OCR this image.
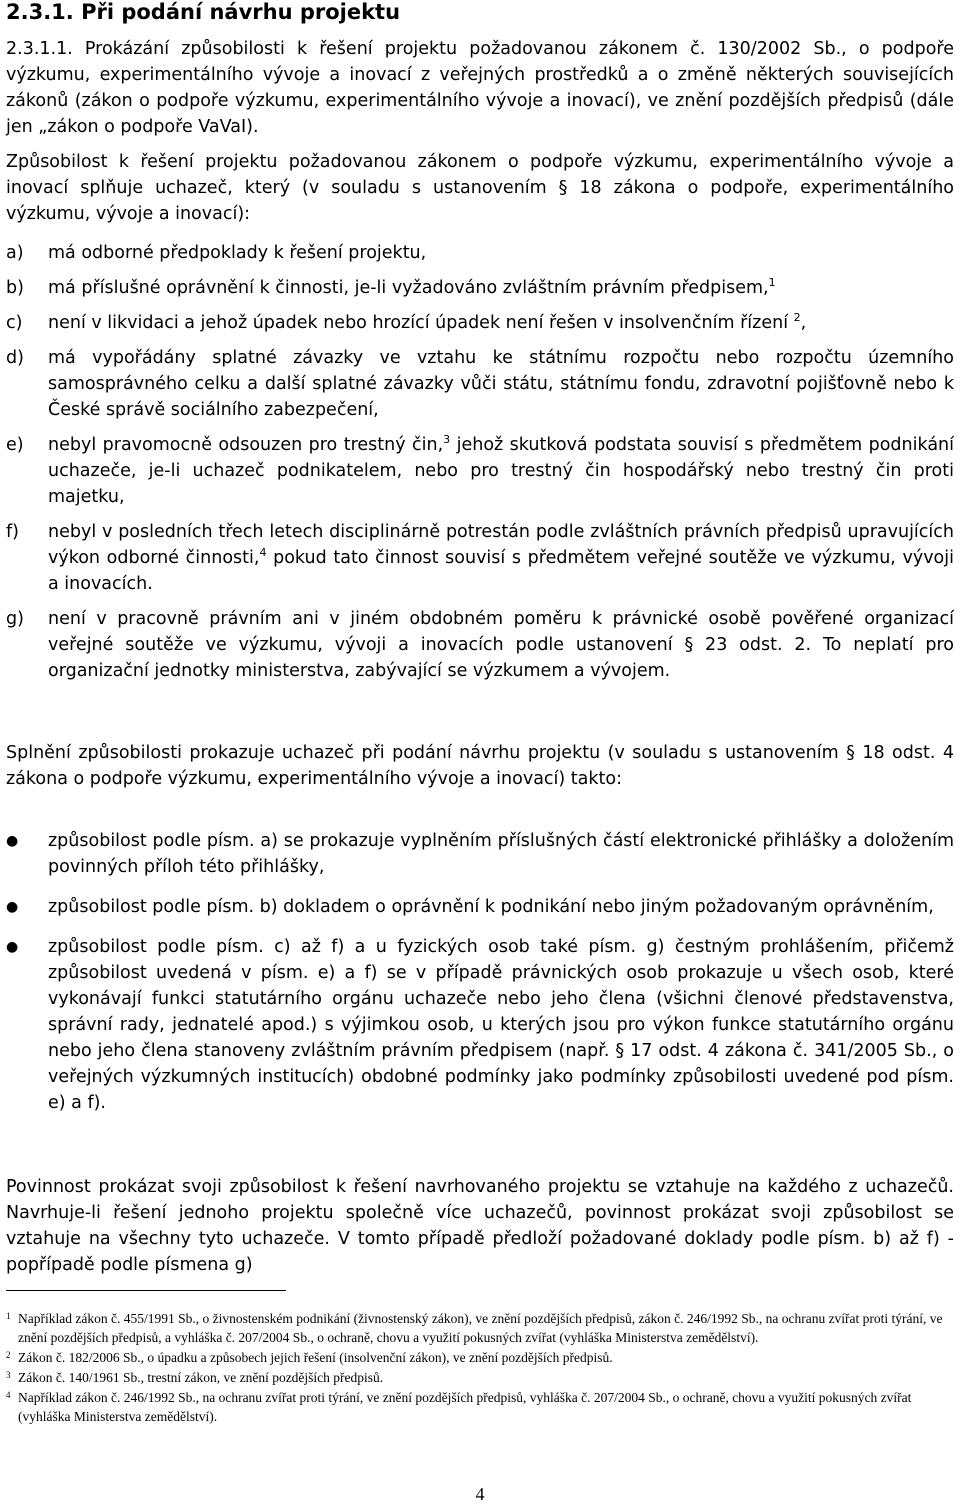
2.3.1. Při podání návrhu projektu
2.3.1.1. Prokázání způsobilosti k řešení projektu požadovanou zákonem č. 130/2002 Sb., o podpoře výzkumu, experimentálního vývoje a inovací z veřejných prostředků a o změně některých souvisejících zákonů (zákon o podpoře výzkumu, experimentálního vývoje a inovací), ve znění pozdějších předpisů (dále jen „zákon o podpoře VaVaI).
Způsobilost k řešení projektu požadovanou zákonem o podpoře výzkumu, experimentálního vývoje a inovací splňuje uchazeč, který (v souladu s ustanovením § 18 zákona o podpoře, experimentálního výzkumu, vývoje a inovací):
a)	má odborné předpoklady k řešení projektu,
b)	má příslušné oprávnění k činnosti, je-li vyžadováno zvláštním právním předpisem,$^1$
c)	není v likvidaci a jehož úpadek nebo hrozící úpadek není řešen v insolvenčním řízení $^2$,
d)	má vypořádány splatné závazky ve vztahu ke státnímu rozpočtu nebo rozpočtu územního samosprávného celku a další splatné závazky vůči státu, státnímu fondu, zdravotní pojišťovně nebo k České správě sociálního zabezpečení,
e)	nebyl pravomocně odsouzen pro trestný čin,$^3$ jehož skutková podstata souvisí s předmětem podnikání uchazeče, je-li uchazeč podnikatelem, nebo pro trestný čin hospodářský nebo trestný čin proti majetku,
f)	nebyl v posledních třech letech disciplinárně potrestán podle zvláštních právních předpisů upravujících výkon odborné činnosti,$^4$ pokud tato činnost souvisí s předmětem veřejné soutěže ve výzkumu, vývoji a inovacích.
g)	není v pracovně právním ani v jiném obdobném poměru k právnické osobě pověřené organizací veřejné soutěže ve výzkumu, vývoji a inovacích podle ustanovení § 23 odst. 2. To neplatí pro organizační jednotky ministerstva, zabývající se výzkumem a vývojem.
Splnění způsobilosti prokazuje uchazeč při podání návrhu projektu (v souladu s ustanovením § 18 odst. 4 zákona o podpoře výzkumu, experimentálního vývoje a inovací) takto:
●	způsobilost podle písm. a) se prokazuje vyplněním příslušných částí elektronické přihlášky a doložením povinných příloh této přihlášky,
●	způsobilost podle písm. b) dokladem o oprávnění k podnikání nebo jiným požadovaným oprávněním,
●	způsobilost podle písm. c) až f) a u fyzických osob také písm. g) čestným prohlášením, přičemž způsobilost uvedená v písm. e) a f) se v případě právnických osob prokazuje u všech osob, které vykonávají funkci statutárního orgánu uchazeče nebo jeho člena (všichni členové představenstva, správní rady, jednatelé apod.) s výjimkou osob, u kterých jsou pro výkon funkce statutárního orgánu nebo jeho člena stanoveny zvláštním právním předpisem (např. § 17 odst. 4 zákona č. 341/2005 Sb., o veřejných výzkumných institucích) obdobné podmínky jako podmínky způsobilosti uvedené pod písm. e) a f).
Povinnost prokázat svoji způsobilost k řešení navrhovaného projektu se vztahuje na každého z uchazečů. Navrhuje-li řešení jednoho projektu společně více uchazečů, povinnost prokázat svoji způsobilost se vztahuje na všechny tyto uchazeče. V tomto případě předloží požadované doklady podle písm. b) až f) - popřípadě podle písmena g)
1 Například zákon č. 455/1991 Sb., o živnostenském podnikání (živnostenský zákon), ve znění pozdějších předpisů, zákon č. 246/1992 Sb., na ochranu zvířat proti týrání, ve znění pozdějších předpisů, a vyhláška č. 207/2004 Sb., o ochraně, chovu a využití pokusných zvířat (vyhláška Ministerstva zemědělství).
2 Zákon č. 182/2006 Sb., o úpadku a způsobech jejich řešení (insolvenční zákon), ve znění pozdějších předpisů.
3 Zákon č. 140/1961 Sb., trestní zákon, ve znění pozdějších předpisů.
4 Například zákon č. 246/1992 Sb., na ochranu zvířat proti týrání, ve znění pozdějších předpisů, vyhláška č. 207/2004 Sb., o ochraně, chovu a využití pokusných zvířat (vyhláška Ministerstva zemědělství).
4
